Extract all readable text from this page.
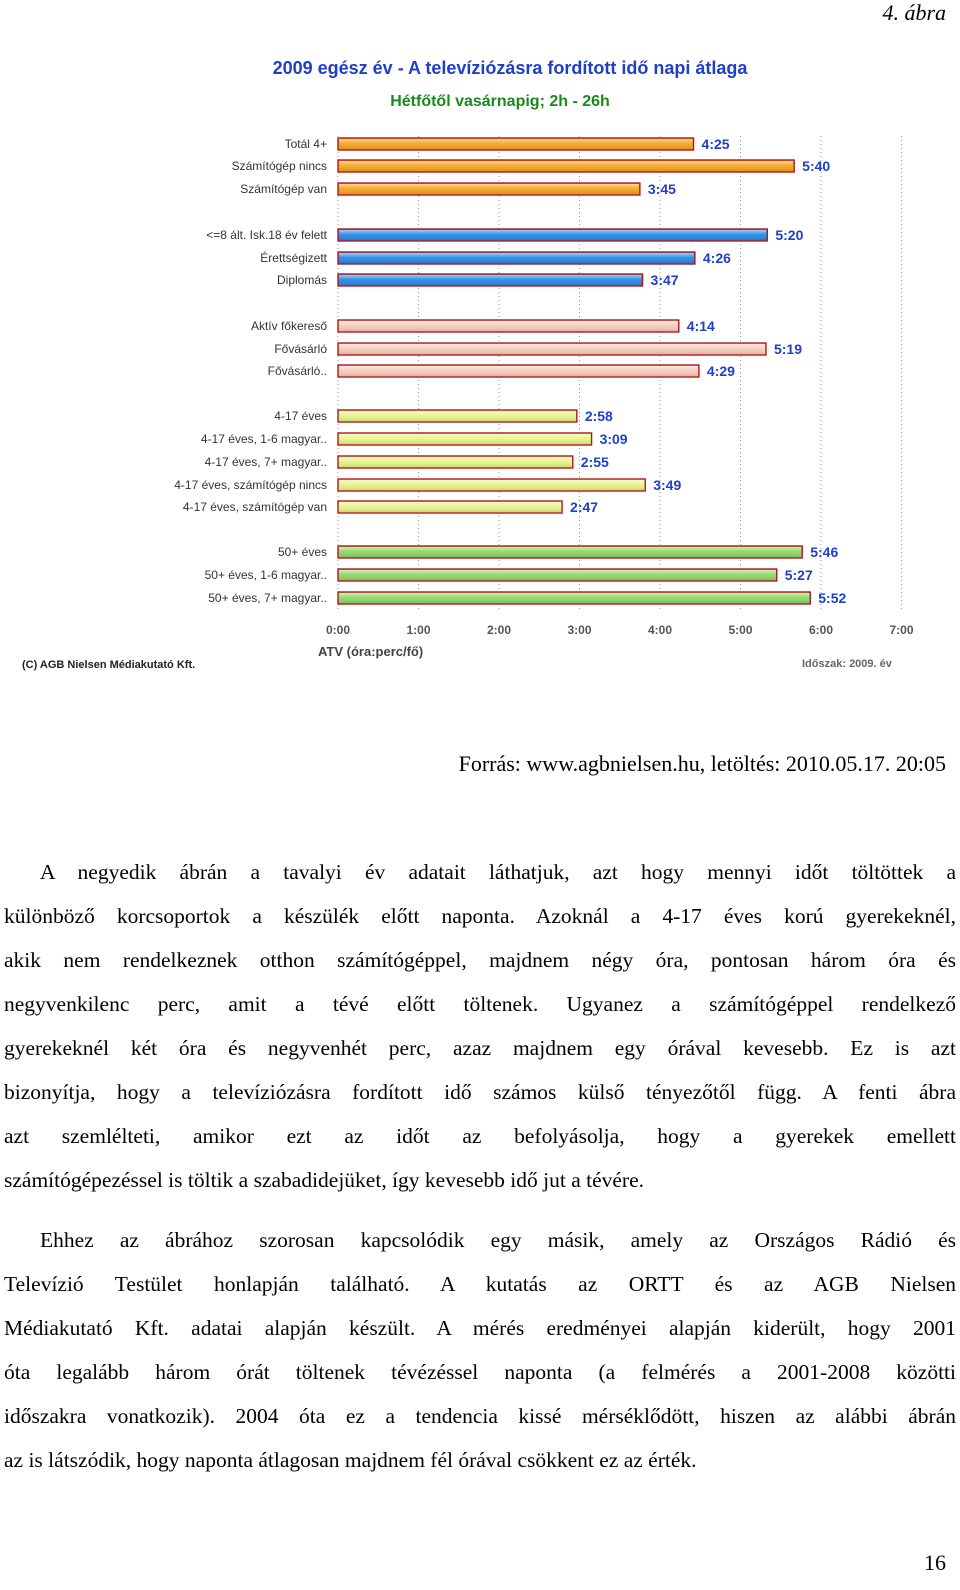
4. ábra
2009 egész év - A televíziózásra fordított idő napi átlaga
Hétfőtől vasárnapig; 2h - 26h
4:25
Totál 4+
5:40
Számítógép nincs
3:45
Számítógép van
5:20
<=8 ált. Isk.18 év felett
4:26
Érettségizett
3:47
Diplomás
4:14
Aktív főkereső
5:19
Fővásárló
4:29
Fővásárló..
2:58
4-17 éves
3:09
4-17 éves, 1-6 magyar..
2:55
4-17 éves, 7+ magyar..
3:49
4-17 éves, számítógép nincs
2:47
4-17 éves, számítógép van
5:46
50+ éves
5:27
50+ éves, 1-6 magyar..
5:52
50+ éves, 7+ magyar..
0:00	1:00	2:00	3:00	4:00	5:00	6:00	7:00
ATV (óra:perc/fő)
(C) AGB Nielsen Médiakutató Kft.	Időszak: 2009. év
Forrás: www.agbnielsen.hu, letöltés: 2010.05.17. 20:05
A negyedik ábrán a tavalyi év adatait láthatjuk, azt hogy mennyi időt töltöttek a
különböző korcsoportok a készülék előtt naponta. Azoknál a 4-17 éves korú gyerekeknél,
akik nem rendelkeznek otthon számítógéppel, majdnem négy óra, pontosan három óra és
negyvenkilenc perc, amit a tévé előtt töltenek. Ugyanez a számítógéppel rendelkező
gyerekeknél két óra és negyvenhét perc, azaz majdnem egy órával kevesebb. Ez is azt
bizonyítja, hogy a televíziózásra fordított idő számos külső tényezőtől függ. A fenti ábra
azt szemlélteti, amikor ezt az időt az befolyásolja, hogy a gyerekek emellett
számítógépezéssel is töltik a szabadidejüket, így kevesebb idő jut a tévére.
Ehhez az ábrához szorosan kapcsolódik egy másik, amely az Országos Rádió és
Televízió Testület honlapján található. A kutatás az ORTT és az AGB Nielsen
Médiakutató Kft. adatai alapján készült. A mérés eredményei alapján kiderült, hogy 2001
óta legalább három órát töltenek tévézéssel naponta (a felmérés a 2001-2008 közötti
időszakra vonatkozik). 2004 óta ez a tendencia kissé mérséklődött, hiszen az alábbi ábrán
az is látszódik, hogy naponta átlagosan majdnem fél órával csökkent ez az érték.
16
